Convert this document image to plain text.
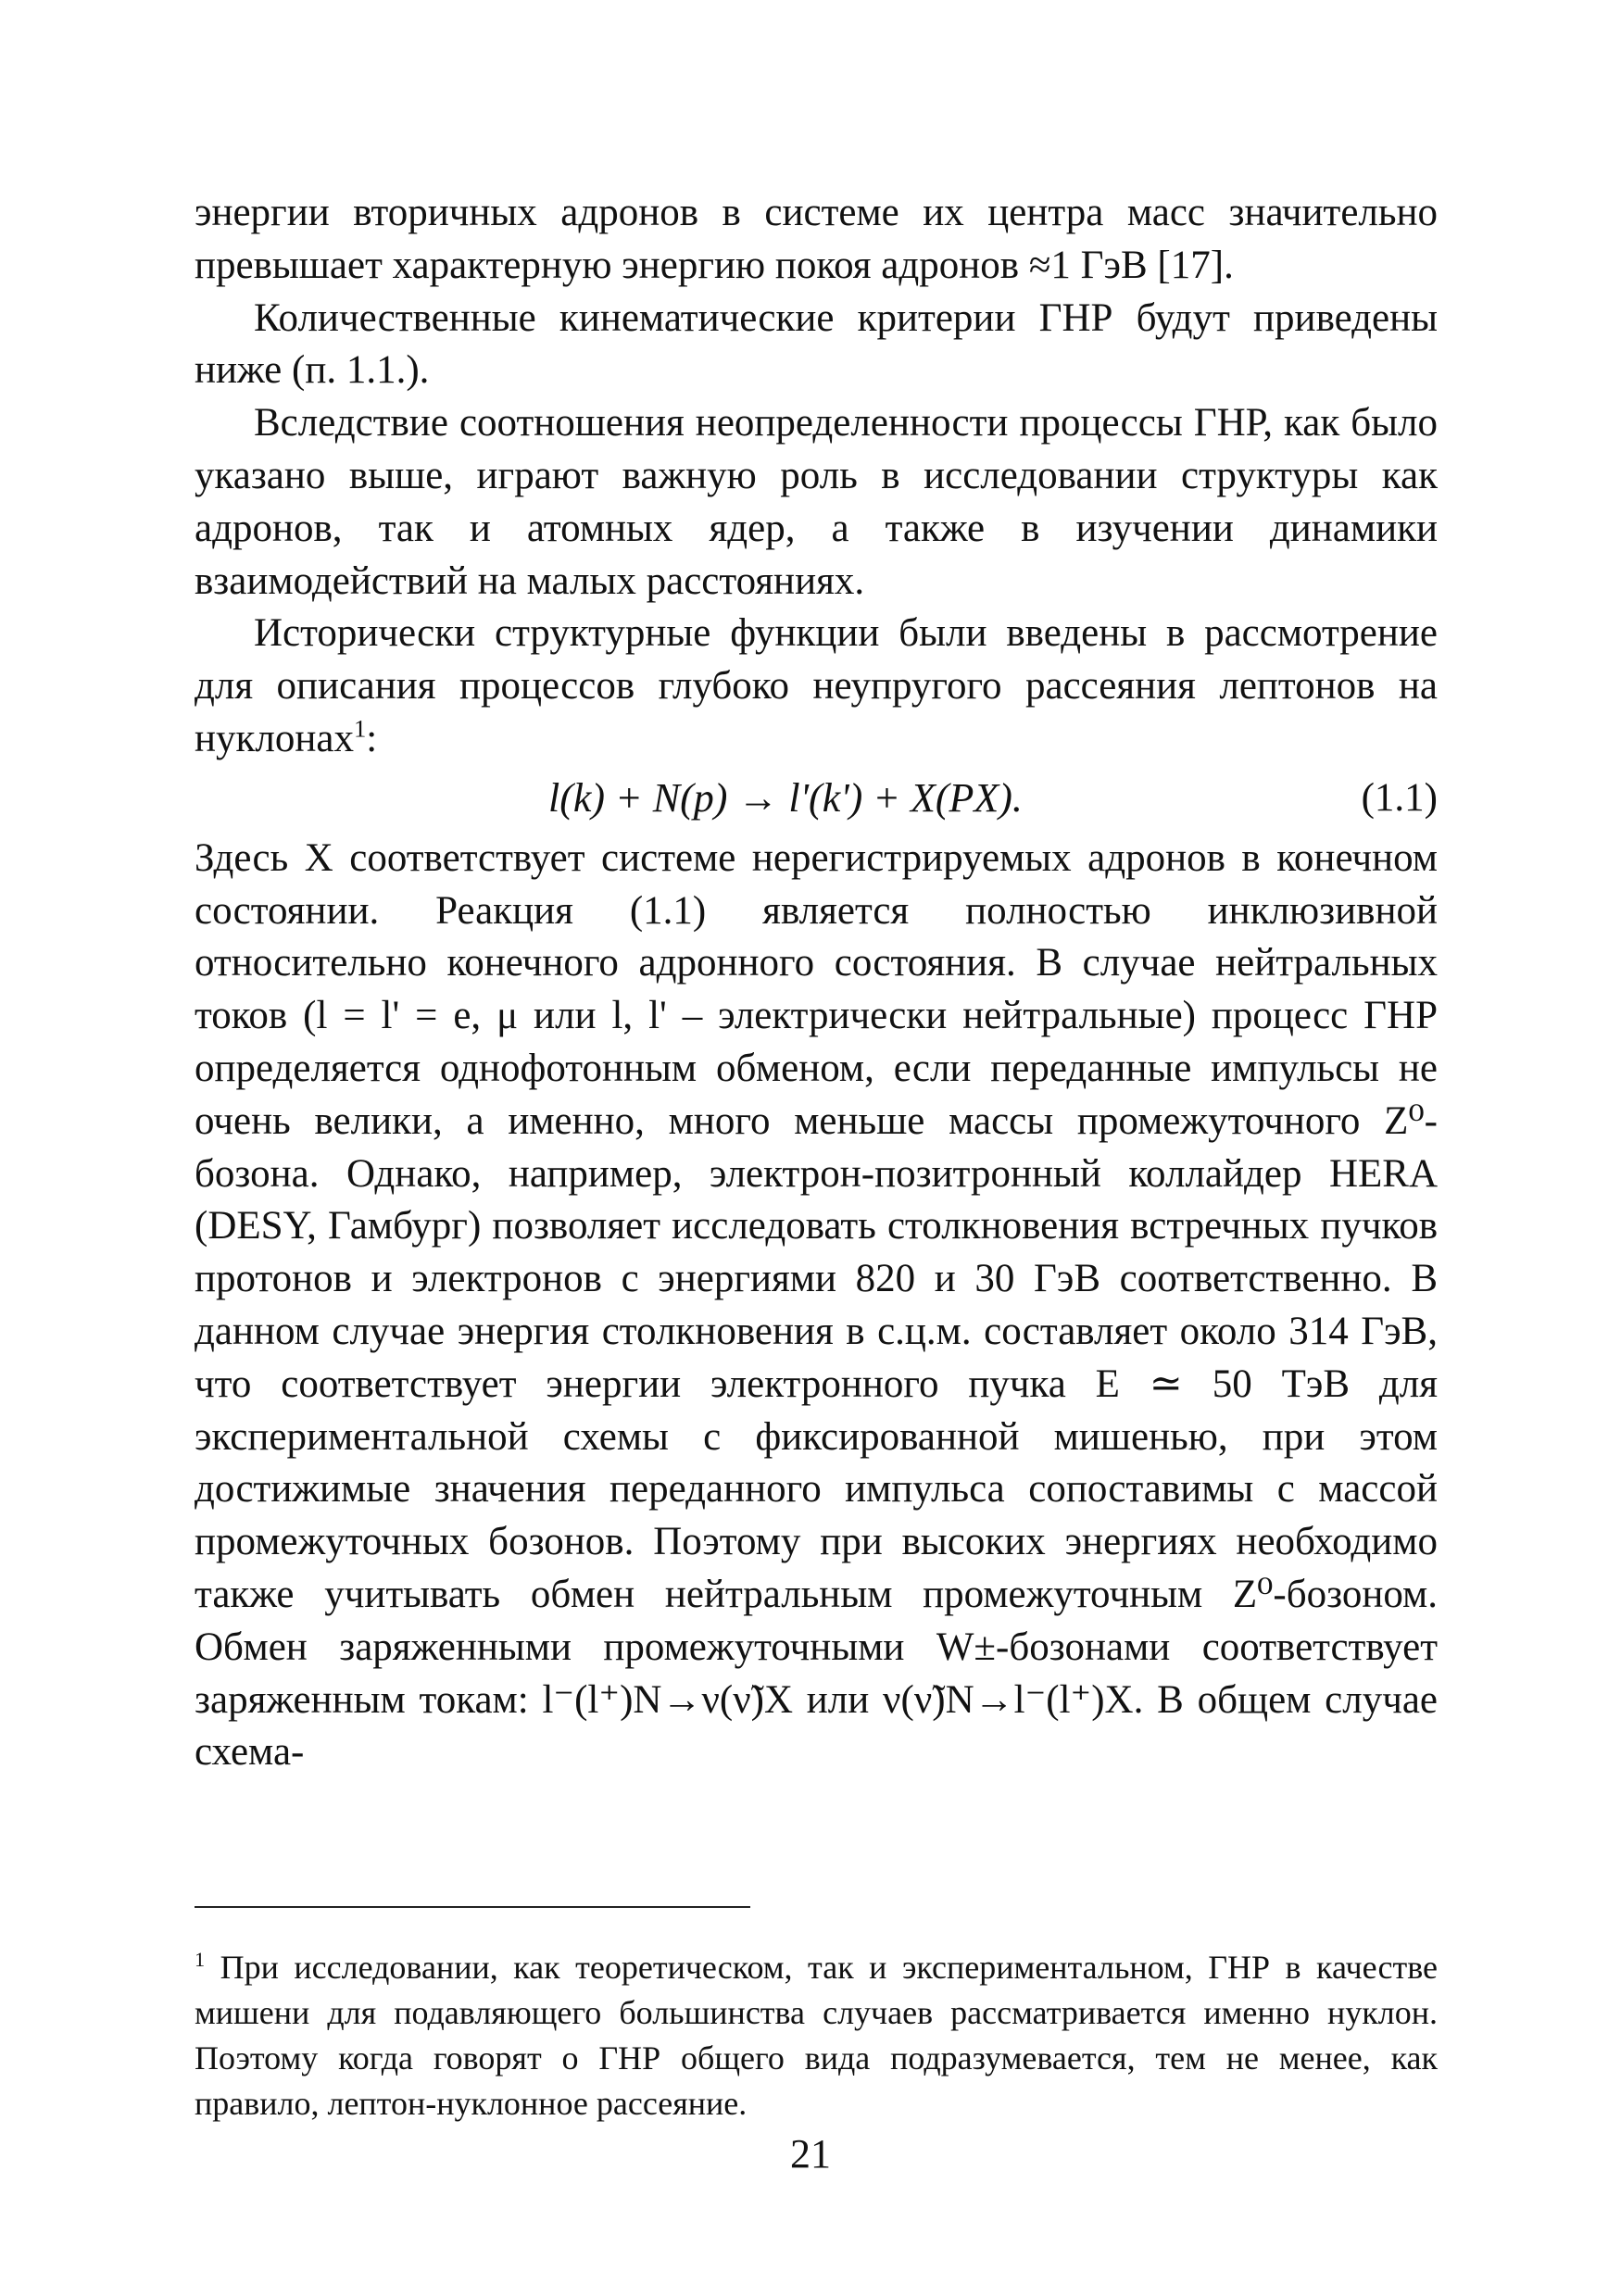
энергии вторичных адронов в системе их центра масс значительно превышает характерную энергию покоя адронов ≈1 ГэВ [17].

Количественные кинематические критерии ГНР будут приведены ниже (п. 1.1.).

Вследствие соотношения неопределенности процессы ГНР, как было указано выше, играют важную роль в исследовании структуры как адронов, так и атомных ядер, а также в изучении динамики взаимодействий на малых расстояниях.

Исторически структурные функции были введены в рассмотрение для описания процессов глубоко неупругого рассеяния лептонов на нуклонах$^1$:

l(k) + N(p) → l'(k') + X(PX).	(1.1)

Здесь X соответствует системе нерегистрируемых адронов в конечном состоянии. Реакция (1.1) является полностью инклюзивной относительно конечного адронного состояния. В случае нейтральных токов (l = l' = e, μ или l, l' – электрически нейтральные) процесс ГНР определяется однофотонным обменом, если переданные импульсы не очень велики, а именно, много меньше массы промежуточного Z⁰-бозона. Однако, например, электрон-позитронный коллайдер HERA (DESY, Гамбург) позволяет исследовать столкновения встречных пучков протонов и электронов с энергиями 820 и 30 ГэВ соответственно. В данном случае энергия столкновения в с.ц.м. составляет около 314 ГэВ, что соответствует энергии электронного пучка E ≃ 50 ТэВ для экспериментальной схемы с фиксированной мишенью, при этом достижимые значения переданного импульса сопоставимы с массой промежуточных бозонов. Поэтому при высоких энергиях необходимо также учитывать обмен нейтральным промежуточным Z⁰-бозоном. Обмен заряженными промежуточными W±-бозонами соответствует заряженным токам: l⁻(l⁺)N→ν(ν̃)X или ν(ν̃)N→l⁻(l⁺)X. В общем случае схема-

$^1$ При исследовании, как теоретическом, так и экспериментальном, ГНР в качестве мишени для подавляющего большинства случаев рассматривается именно нуклон. Поэтому когда говорят о ГНР общего вида подразумевается, тем не менее, как правило, лептон-нуклонное рассеяние.

21
